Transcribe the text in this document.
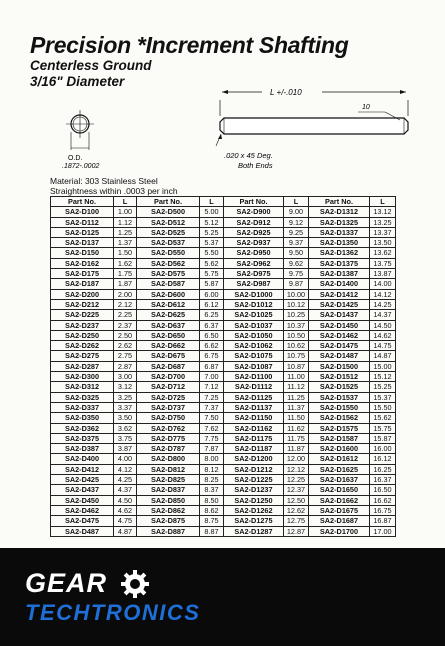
Precision *Increment Shafting
Centerless Ground
3/16" Diameter
O.D.
.1872-.0002
L +/-.010
10
.020 x 45 Deg.
Both Ends
Material: 303 Stainless Steel
Straightness within .0003 per inch
Part No.	L	Part No.	L	Part No.	L	Part No.	L
SA2-D100	1.00	SA2-D500	5.00	SA2-D900	9.00	SA2-D1312	13.12
SA2-D112	1.12	SA2-D512	5.12	SA2-D912	9.12	SA2-D1325	13.25
SA2-D125	1.25	SA2-D525	5.25	SA2-D925	9.25	SA2-D1337	13.37
SA2-D137	1.37	SA2-D537	5.37	SA2-D937	9.37	SA2-D1350	13.50
SA2-D150	1.50	SA2-D550	5.50	SA2-D950	9.50	SA2-D1362	13.62
SA2-D162	1.62	SA2-D562	5.62	SA2-D962	9.62	SA2-D1375	13.75
SA2-D175	1.75	SA2-D575	5.75	SA2-D975	9.75	SA2-D1387	13.87
SA2-D187	1.87	SA2-D587	5.87	SA2-D987	9.87	SA2-D1400	14.00
SA2-D200	2.00	SA2-D600	6.00	SA2-D1000	10.00	SA2-D1412	14.12
SA2-D212	2.12	SA2-D612	6.12	SA2-D1012	10.12	SA2-D1425	14.25
SA2-D225	2.25	SA2-D625	6.25	SA2-D1025	10.25	SA2-D1437	14.37
SA2-D237	2.37	SA2-D637	6.37	SA2-D1037	10.37	SA2-D1450	14.50
SA2-D250	2.50	SA2-D650	6.50	SA2-D1050	10.50	SA2-D1462	14.62
SA2-D262	2.62	SA2-D662	6.62	SA2-D1062	10.62	SA2-D1475	14.75
SA2-D275	2.75	SA2-D675	6.75	SA2-D1075	10.75	SA2-D1487	14.87
SA2-D287	2.87	SA2-D687	6.87	SA2-D1087	10.87	SA2-D1500	15.00
SA2-D300	3.00	SA2-D700	7.00	SA2-D1100	11.00	SA2-D1512	15.12
SA2-D312	3.12	SA2-D712	7.12	SA2-D1112	11.12	SA2-D1525	15.25
SA2-D325	3.25	SA2-D725	7.25	SA2-D1125	11.25	SA2-D1537	15.37
SA2-D337	3.37	SA2-D737	7.37	SA2-D1137	11.37	SA2-D1550	15.50
SA2-D350	3.50	SA2-D750	7.50	SA2-D1150	11.50	SA2-D1562	15.62
SA2-D362	3.62	SA2-D762	7.62	SA2-D1162	11.62	SA2-D1575	15.75
SA2-D375	3.75	SA2-D775	7.75	SA2-D1175	11.75	SA2-D1587	15.87
SA2-D387	3.87	SA2-D787	7.87	SA2-D1187	11.87	SA2-D1600	16.00
SA2-D400	4.00	SA2-D800	8.00	SA2-D1200	12.00	SA2-D1612	16.12
SA2-D412	4.12	SA2-D812	8.12	SA2-D1212	12.12	SA2-D1625	16.25
SA2-D425	4.25	SA2-D825	8.25	SA2-D1225	12.25	SA2-D1637	16.37
SA2-D437	4.37	SA2-D837	8.37	SA2-D1237	12.37	SA2-D1650	16.50
SA2-D450	4.50	SA2-D850	8.50	SA2-D1250	12.50	SA2-D1662	16.62
SA2-D462	4.62	SA2-D862	8.62	SA2-D1262	12.62	SA2-D1675	16.75
SA2-D475	4.75	SA2-D875	8.75	SA2-D1275	12.75	SA2-D1687	16.87
SA2-D487	4.87	SA2-D887	8.87	SA2-D1287	12.87	SA2-D1700	17.00
GEAR
TECHTRONICS
